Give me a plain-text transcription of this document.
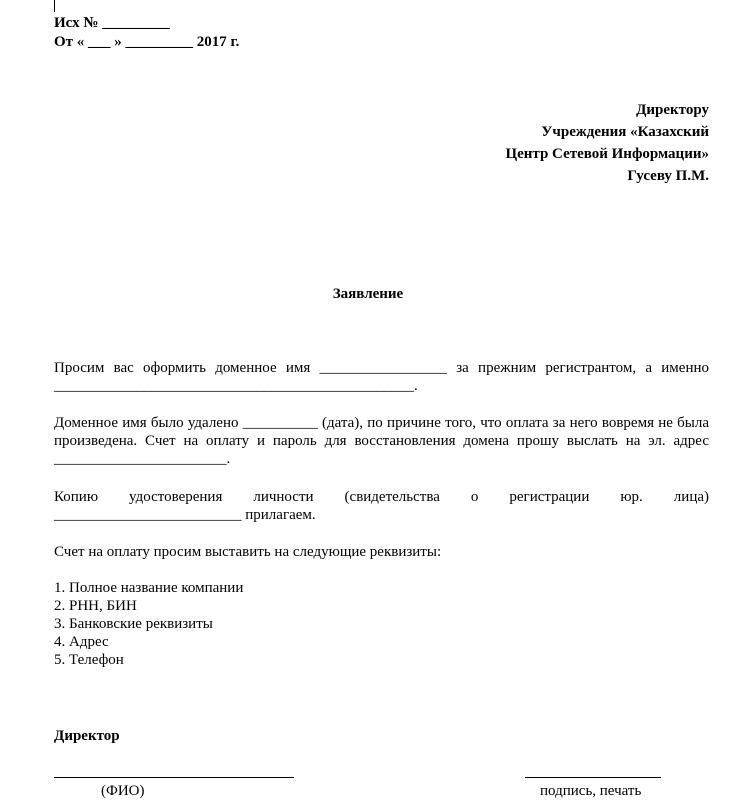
Исх № _________
От « ___ » _________ 2017 г.
Директору
Учреждения «Казахский
Центр Сетевой Информации»
Гусеву П.М.
Заявление
Просим вас оформить доменное имя _________________ за прежним регистрантом, а именно
________________________________________________.
Доменное имя было удалено __________ (дата), по причине того, что оплата за него вовремя не была произведена. Счет на оплату и пароль для восстановления домена прошу выслать на эл. адрес _______________________.
Копию удостоверения личности (свидетельства о регистрации юр. лица)
_________________________ прилагаем.
Счет на оплату просим выставить на следующие реквизиты:
1. Полное название компании
2. РНН, БИН
3. Банковские реквизиты
4. Адрес
5. Телефон
Директор
(ФИО)	подпись, печать
